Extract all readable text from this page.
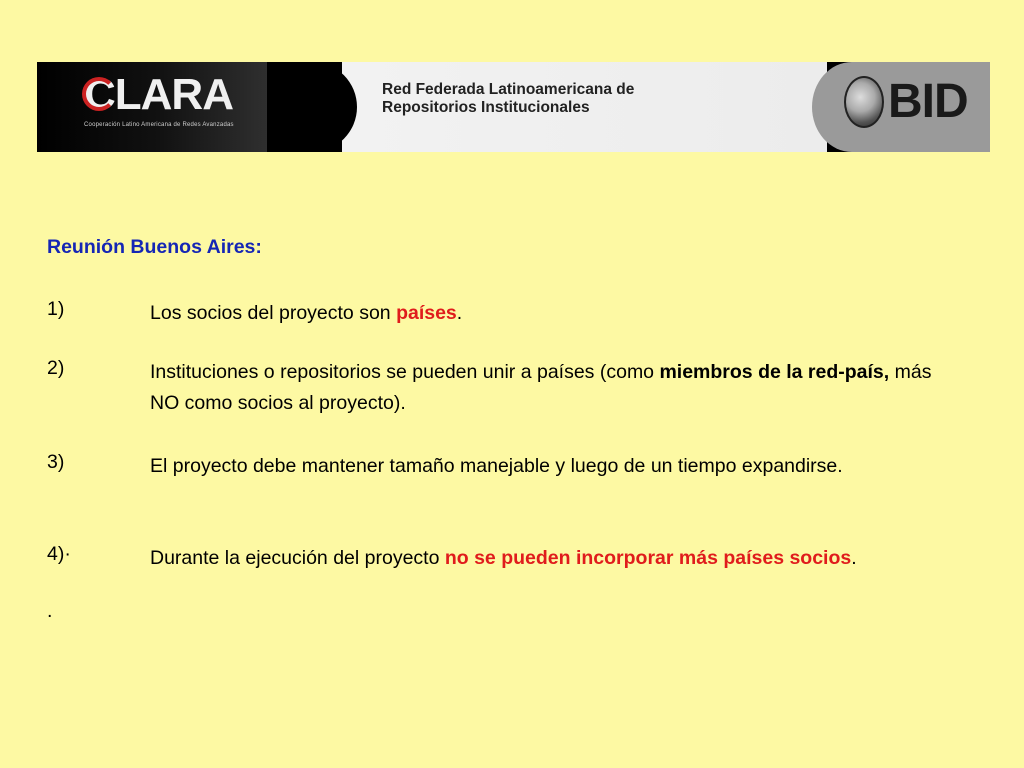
CLARA
Cooperación Latino Americana de Redes Avanzadas
Red Federada Latinoamericana de
Repositorios Institucionales	BID
Reunión Buenos Aires:
1)	Los socios del proyecto son países.
2)	Instituciones o repositorios se pueden unir a países (como miembros de la red-país, más NO como socios al proyecto).
3)	El proyecto debe mantener tamaño manejable y luego de un tiempo expandirse.
4)·	Durante la ejecución del proyecto no se pueden incorporar más países socios.
.
